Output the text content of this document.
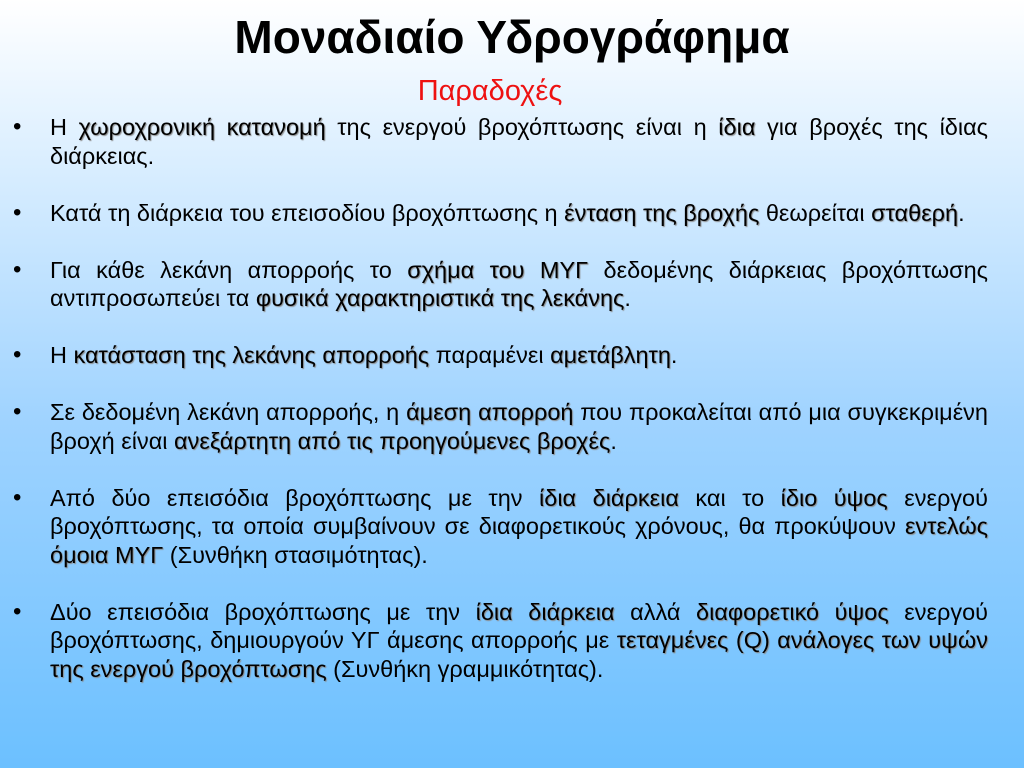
Μοναδιαίο Υδρογράφημα
Παραδοχές
• Η χωροχρονική κατανομή της ενεργού βροχόπτωσης είναι η ίδια για βροχές της ίδιας διάρκειας.
• Κατά τη διάρκεια του επεισοδίου βροχόπτωσης η ένταση της βροχής θεωρείται σταθερή.
• Για κάθε λεκάνη απορροής το σχήμα του ΜΥΓ δεδομένης διάρκειας βροχόπτωσης αντιπροσωπεύει τα φυσικά χαρακτηριστικά της λεκάνης.
• Η κατάσταση της λεκάνης απορροής παραμένει αμετάβλητη.
• Σε δεδομένη λεκάνη απορροής, η άμεση απορροή που προκαλείται από μια συγκεκριμένη βροχή είναι ανεξάρτητη από τις προηγούμενες βροχές.
• Από δύο επεισόδια βροχόπτωσης με την ίδια διάρκεια και το ίδιο ύψος ενεργού βροχόπτωσης, τα οποία συμβαίνουν σε διαφορετικούς χρόνους, θα προκύψουν εντελώς όμοια ΜΥΓ (Συνθήκη στασιμότητας).
• Δύο επεισόδια βροχόπτωσης με την ίδια διάρκεια αλλά διαφορετικό ύψος ενεργού βροχόπτωσης, δημιουργούν ΥΓ άμεσης απορροής με τεταγμένες (Q) ανάλογες των υψών της ενεργού βροχόπτωσης (Συνθήκη γραμμικότητας).
